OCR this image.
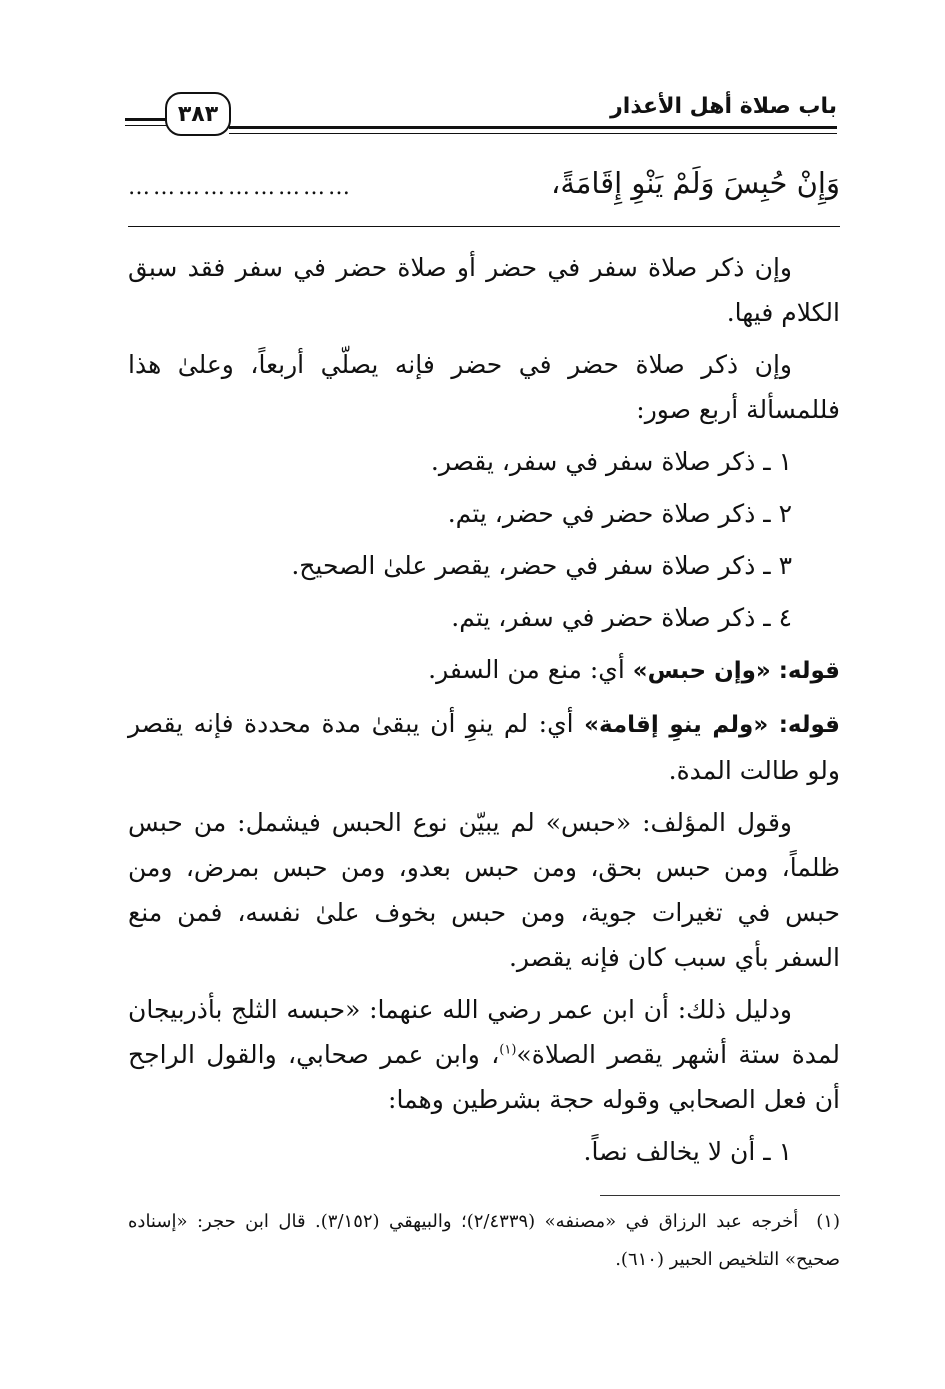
باب صلاة أهل الأعذار
٣٨٣
وَإِنْ حُبِسَ وَلَمْ يَنْوِ إِقَامَةً،
………………………

وإن ذكر صلاة سفر في حضر أو صلاة حضر في سفر فقد سبق الكلام فيها.

وإن ذكر صلاة حضر في حضر فإنه يصلّي أربعاً، وعلىٰ هذا فللمسألة أربع صور:

١ ـ ذكر صلاة سفر في سفر، يقصر.

٢ ـ ذكر صلاة حضر في حضر، يتم.

٣ ـ ذكر صلاة سفر في حضر، يقصر علىٰ الصحيح.

٤ ـ ذكر صلاة حضر في سفر، يتم.

قوله: «وإن حبس» أي: منع من السفر.

قوله: «ولم ينوِ إقامة» أي: لم ينوِ أن يبقىٰ مدة محددة فإنه يقصر ولو طالت المدة.

وقول المؤلف: «حبس» لم يبيّن نوع الحبس فيشمل: من حبس ظلماً، ومن حبس بحق، ومن حبس بعدو، ومن حبس بمرض، ومن حبس في تغيرات جوية، ومن حبس بخوف علىٰ نفسه، فمن منع السفر بأي سبب كان فإنه يقصر.

ودليل ذلك: أن ابن عمر رضي الله عنهما: «حبسه الثلج بأذربيجان لمدة ستة أشهر يقصر الصلاة»$^{(١)}$، وابن عمر صحابي، والقول الراجح أن فعل الصحابي وقوله حجة بشرطين وهما:

١ ـ أن لا يخالف نصاً.

(١)أخرجه عبد الرزاق في «مصنفه» (٢/٤٣٣٩)؛ والبيهقي (٣/١٥٢). قال ابن حجر: «إسناده صحيح» التلخيص الحبير (٦١٠).
